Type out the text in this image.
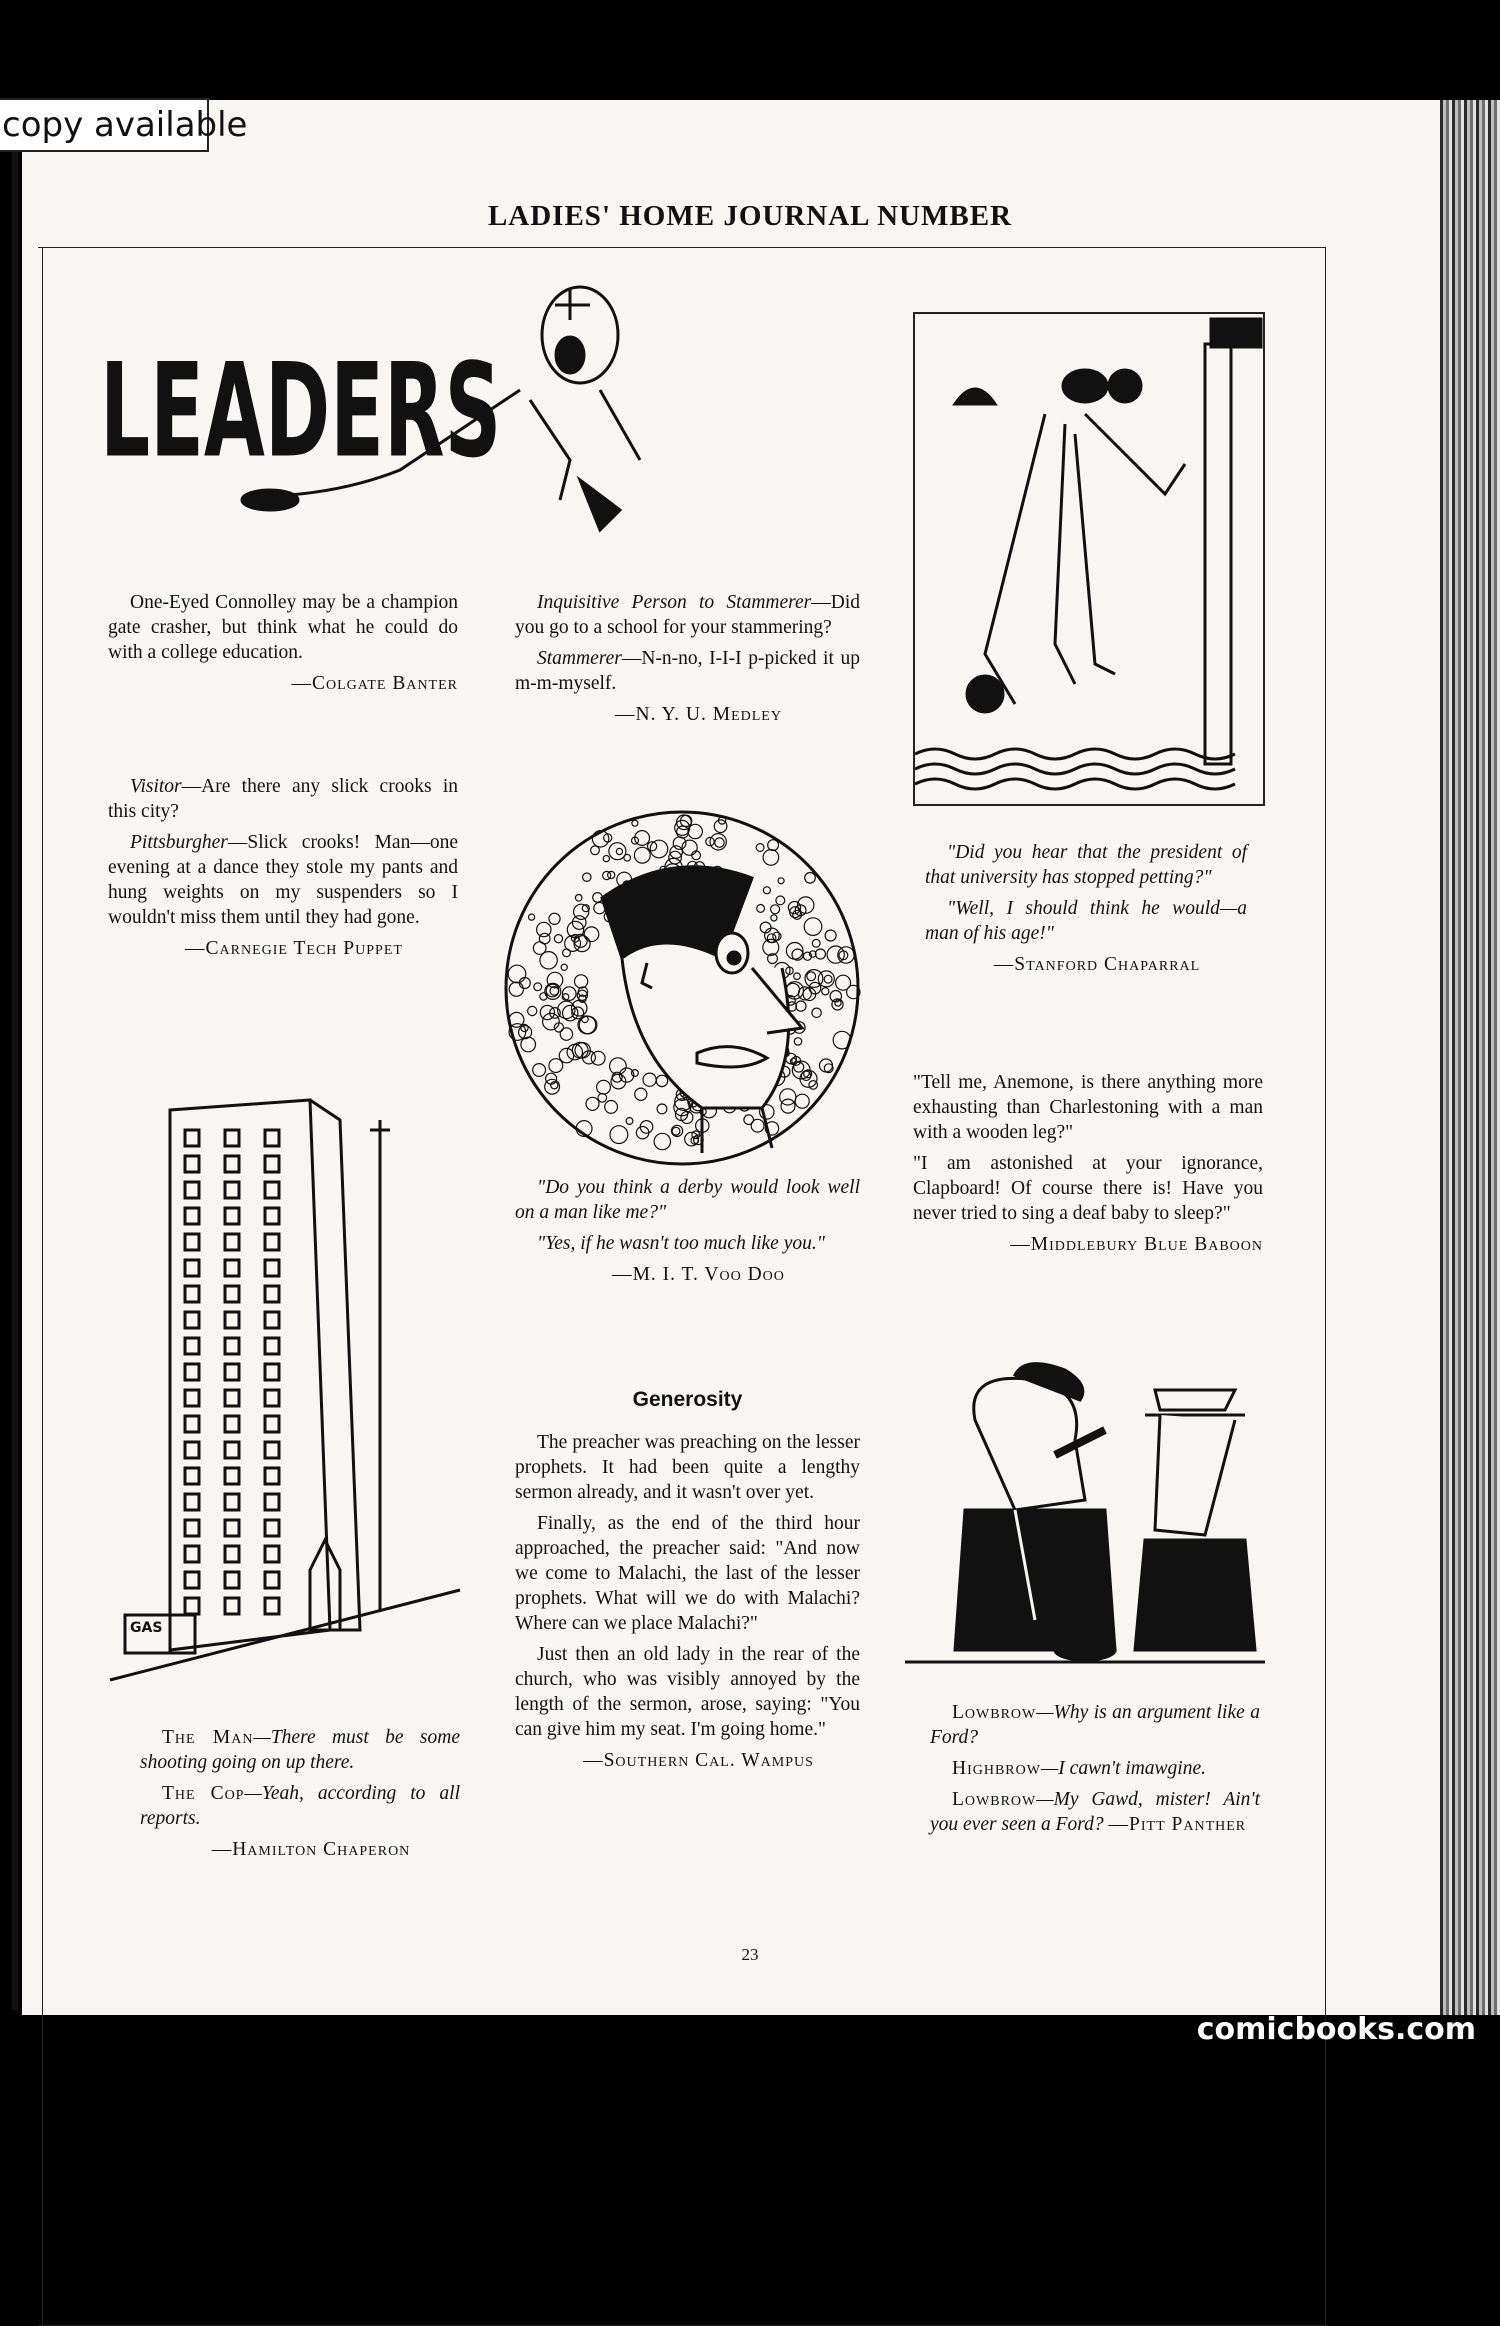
copy available
LADIES' HOME JOURNAL NUMBER
LEADERS

One-Eyed Connolley may be a champion gate crasher, but think what he could do with a college education.

—Colgate Banter

Visitor—Are there any slick crooks in this city?

Pittsburgher—Slick crooks! Man—one evening at a dance they stole my pants and hung weights on my suspenders so I wouldn't miss them until they had gone.

—Carnegie Tech Puppet

GAS

The Man—There must be some shooting going on up there.

The Cop—Yeah, according to all reports.

—Hamilton Chaperon

Inquisitive Person to Stammerer—Did you go to a school for your stammering?

Stammerer—N-n-no, I-I-I p-picked it up m-m-myself.

—N. Y. U. Medley

"Do you think a derby would look well on a man like me?"

"Yes, if he wasn't too much like you."

—M. I. T. Voo Doo

Generosity

The preacher was preaching on the lesser prophets. It had been quite a lengthy sermon already, and it wasn't over yet.

Finally, as the end of the third hour approached, the preacher said: "And now we come to Malachi, the last of the lesser prophets. What will we do with Malachi? Where can we place Malachi?"

Just then an old lady in the rear of the church, who was visibly annoyed by the length of the sermon, arose, saying: "You can give him my seat. I'm going home."

—Southern Cal. Wampus

"Did you hear that the president of that university has stopped petting?"

"Well, I should think he would—a man of his age!"

—Stanford Chaparral

"Tell me, Anemone, is there anything more exhausting than Charlestoning with a man with a wooden leg?"

"I am astonished at your ignorance, Clapboard! Of course there is! Have you never tried to sing a deaf baby to sleep?"

—Middlebury Blue Baboon

Lowbrow—Why is an argument like a Ford?

Highbrow—I cawn't imawgine.

Lowbrow—My Gawd, mister! Ain't you ever seen a Ford? —Pitt Panther

23
comicbooks.com
